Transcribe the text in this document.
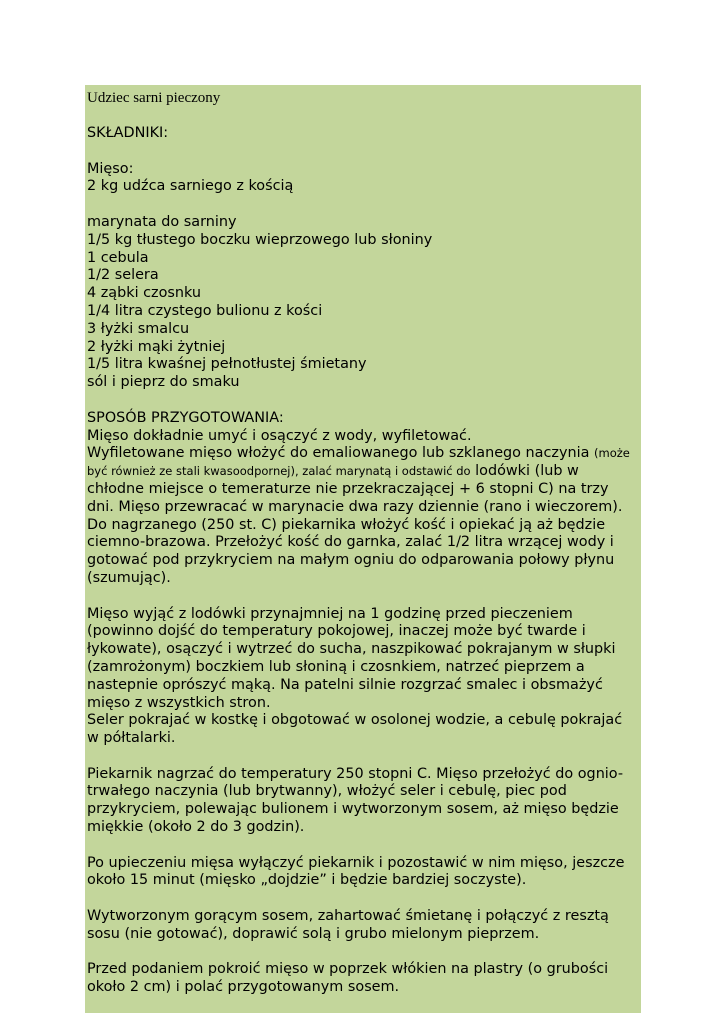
Udziec sarni pieczony
SKŁADNIKI:
Mięso:
2 kg udźca sarniego z kością
marynata do sarniny
1/5 kg tłustego boczku wieprzowego lub słoniny
1 cebula
1/2 selera
4 ząbki czosnku
1/4 litra czystego bulionu z kości
3 łyżki smalcu
2 łyżki mąki żytniej
1/5 litra kwaśnej pełnotłustej śmietany
sól i pieprz do smaku
SPOSÓB PRZYGOTOWANIA:
Mięso dokładnie umyć i osączyć z wody, wyfiletować.
Wyfiletowane mięso włożyć do emaliowanego lub szklanego naczynia (może
być również ze stali kwasoodpornej), zalać marynatą i odstawić do lodówki (lub w
chłodne miejsce o temeraturze nie przekraczającej + 6 stopni C) na trzy
dni. Mięso przewracać w marynacie dwa razy dziennie (rano i wieczorem).
Do nagrzanego (250 st. C) piekarnika włożyć kość i opiekać ją aż będzie
ciemno-brazowa. Przełożyć kość do garnka, zalać 1/2 litra wrzącej wody i
gotować pod przykryciem na małym ogniu do odparowania połowy płynu
(szumując).
Mięso wyjąć z lodówki przynajmniej na 1 godzinę przed pieczeniem
(powinno dojść do temperatury pokojowej, inaczej może być twarde i
łykowate), osączyć i wytrzeć do sucha, naszpikować pokrajanym w słupki
(zamrożonym) boczkiem lub słoniną i czosnkiem, natrzeć pieprzem a
nastepnie oprószyć mąką. Na patelni silnie rozgrzać smalec i obsmażyć
mięso z wszystkich stron.
Seler pokrajać w kostkę i obgotować w osolonej wodzie, a cebulę pokrajać
w półtalarki.
Piekarnik nagrzać do temperatury 250 stopni C. Mięso przełożyć do ognio-
trwałego naczynia (lub brytwanny), włożyć seler i cebulę, piec pod
przykryciem, polewając bulionem i wytworzonym sosem, aż mięso będzie
miękkie (około 2 do 3 godzin).
Po upieczeniu mięsa wyłączyć piekarnik i pozostawić w nim mięso, jeszcze
około 15 minut (mięsko „dojdzie” i będzie bardziej soczyste).
Wytworzonym gorącym sosem, zahartować śmietanę i połączyć z resztą
sosu (nie gotować), doprawić solą i grubo mielonym pieprzem.
Przed podaniem pokroić mięso w poprzek włókien na plastry (o grubości
około 2 cm) i polać przygotowanym sosem.
